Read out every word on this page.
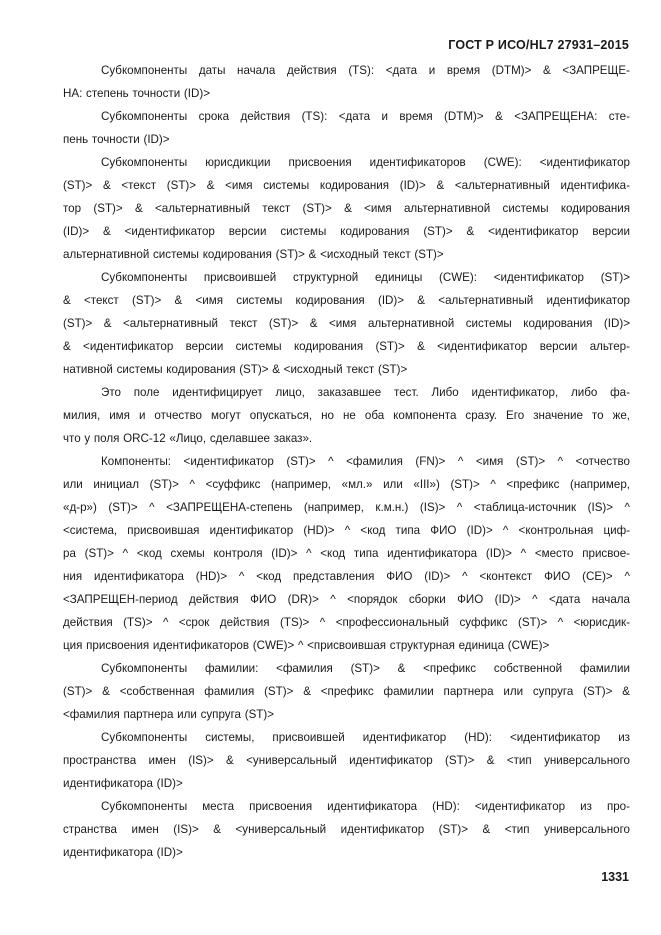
ГОСТ Р ИСО/HL7 27931–2015
Субкомпоненты даты начала действия (TS): <дата и время (DTM)> & <ЗАПРЕЩЕ-
НА: степень точности (ID)>
Субкомпоненты срока действия (TS): <дата и время (DTM)> & <ЗАПРЕЩЕНА: сте-
пень точности (ID)>
Субкомпоненты юрисдикции присвоения идентификаторов (CWE): <идентификатор
(ST)> & <текст (ST)> & <имя системы кодирования (ID)> & <альтернативный идентифика-
тор (ST)> & <альтернативный текст (ST)> & <имя альтернативной системы кодирования
(ID)> & <идентификатор версии системы кодирования (ST)> & <идентификатор версии
альтернативной системы кодирования (ST)> & <исходный текст (ST)>
Субкомпоненты присвоившей структурной единицы (CWE): <идентификатор (ST)>
& <текст (ST)> & <имя системы кодирования (ID)> & <альтернативный идентификатор
(ST)> & <альтернативный текст (ST)> & <имя альтернативной системы кодирования (ID)>
& <идентификатор версии системы кодирования (ST)> & <идентификатор версии альтер-
нативной системы кодирования (ST)> & <исходный текст (ST)>
Это поле идентифицирует лицо, заказавшее тест. Либо идентификатор, либо фа-
милия, имя и отчество могут опускаться, но не оба компонента сразу. Его значение то же,
что у поля ORC-12 «Лицо, сделавшее заказ».
Компоненты: <идентификатор (ST)> ^ <фамилия (FN)> ^ <имя (ST)> ^ <отчество
или инициал (ST)> ^ <суффикс (например, «мл.» или «III») (ST)> ^ <префикс (например,
«д-р») (ST)> ^ <ЗАПРЕЩЕНА-степень (например, к.м.н.) (IS)> ^ <таблица-источник (IS)> ^
<система, присвоившая идентификатор (HD)> ^ <код типа ФИО (ID)> ^ <контрольная циф-
ра (ST)> ^ <код схемы контроля (ID)> ^ <код типа идентификатора (ID)> ^ <место присвое-
ния идентификатора (HD)> ^ <код представления ФИО (ID)> ^ <контекст ФИО (CE)> ^
<ЗАПРЕЩЕН-период действия ФИО (DR)> ^ <порядок сборки ФИО (ID)> ^ <дата начала
действия (TS)> ^ <срок действия (TS)> ^ <профессиональный суффикс (ST)> ^ <юрисдик-
ция присвоения идентификаторов (CWE)> ^ <присвоившая структурная единица (CWE)>
Субкомпоненты фамилии: <фамилия (ST)> & <префикс собственной фамилии
(ST)> & <собственная фамилия (ST)> & <префикс фамилии партнера или супруга (ST)> &
<фамилия партнера или супруга (ST)>
Субкомпоненты системы, присвоившей идентификатор (HD): <идентификатор из
пространства имен (IS)> & <универсальный идентификатор (ST)> & <тип универсального
идентификатора (ID)>
Субкомпоненты места присвоения идентификатора (HD): <идентификатор из про-
странства имен (IS)> & <универсальный идентификатор (ST)> & <тип универсального
идентификатора (ID)>
1331
